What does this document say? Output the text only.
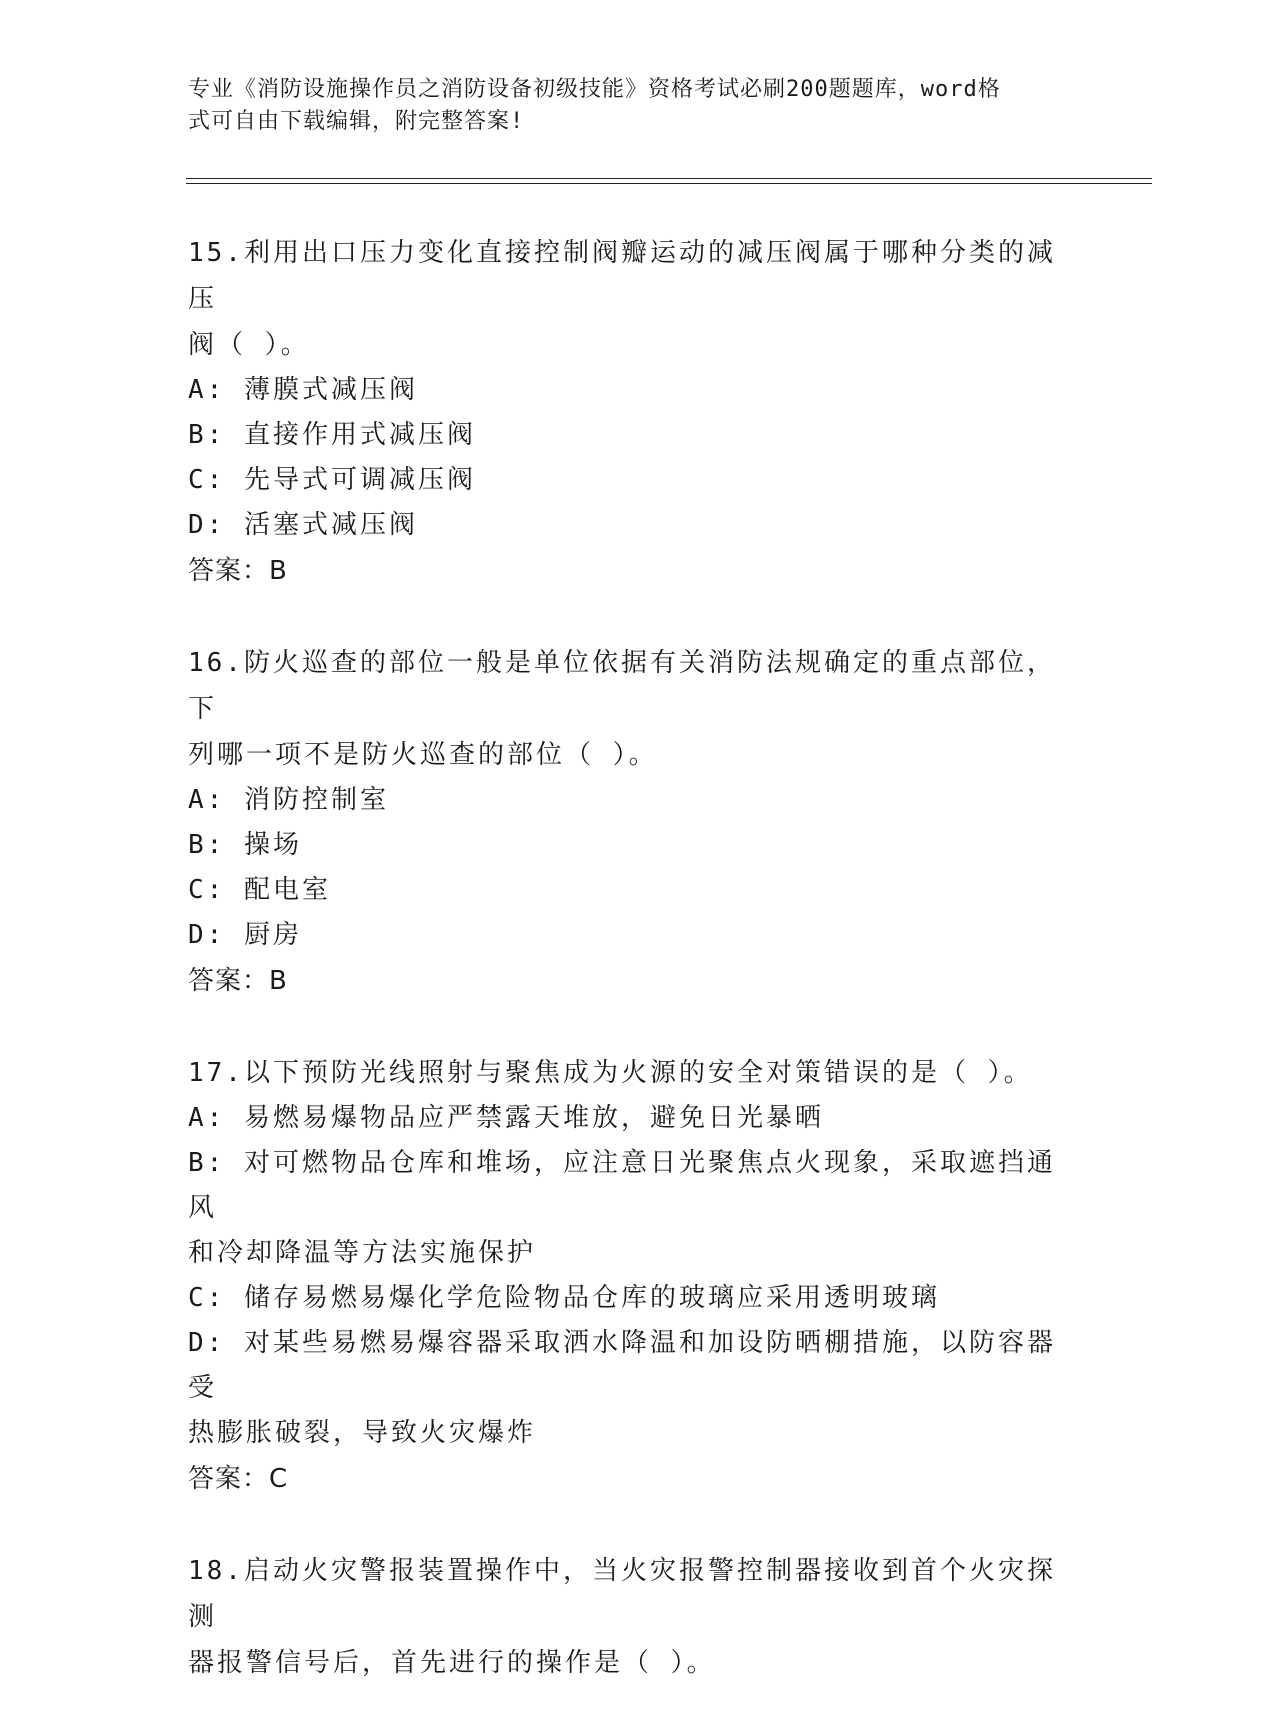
专业《消防设施操作员之消防设备初级技能》资格考试必刷200题题库，word格
式可自由下载编辑，附完整答案!
15.利用出口压力变化直接控制阀瓣运动的减压阀属于哪种分类的减压
阀（ ）。
A: 薄膜式减压阀
B: 直接作用式减压阀
C: 先导式可调减压阀
D: 活塞式减压阀
答案：B
16.防火巡查的部位一般是单位依据有关消防法规确定的重点部位，下
列哪一项不是防火巡查的部位（ ）。
A: 消防控制室
B: 操场
C: 配电室
D: 厨房
答案：B
17.以下预防光线照射与聚焦成为火源的安全对策错误的是（ ）。
A: 易燃易爆物品应严禁露天堆放，避免日光暴晒
B: 对可燃物品仓库和堆场，应注意日光聚焦点火现象，采取遮挡通风
和冷却降温等方法实施保护
C: 储存易燃易爆化学危险物品仓库的玻璃应采用透明玻璃
D: 对某些易燃易爆容器采取洒水降温和加设防晒棚措施，以防容器受
热膨胀破裂，导致火灾爆炸
答案：C
18.启动火灾警报装置操作中，当火灾报警控制器接收到首个火灾探测
器报警信号后，首先进行的操作是（ ）。
